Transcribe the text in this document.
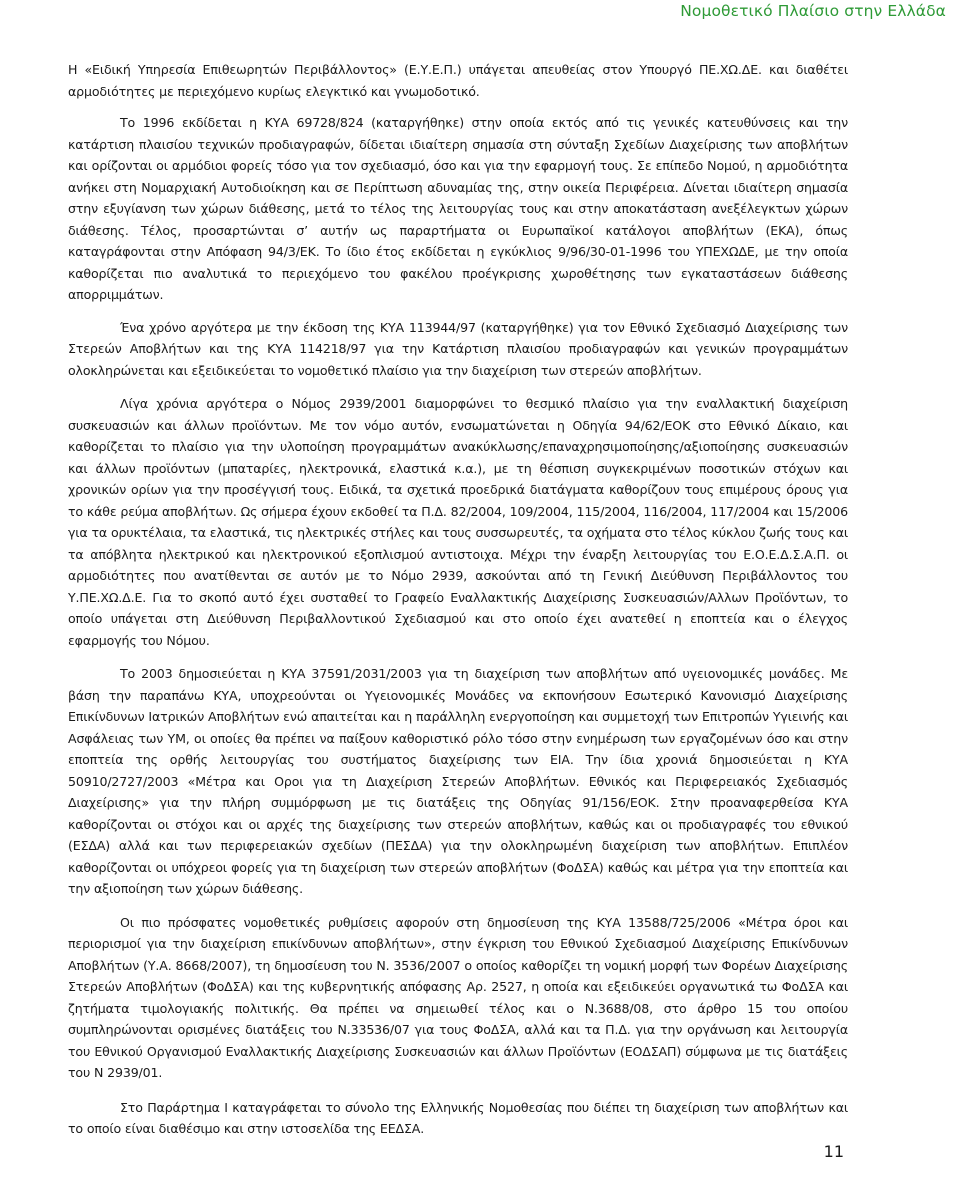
Νομοθετικό Πλαίσιο στην Ελλάδα

Η «Ειδική Υπηρεσία Επιθεωρητών Περιβάλλοντος» (Ε.Υ.Ε.Π.) υπάγεται απευθείας στον Υπουργό ΠΕ.ΧΩ.ΔΕ. και διαθέτει αρμοδιότητες με περιεχόμενο κυρίως ελεγκτικό και γνωμοδοτικό.

Το 1996 εκδίδεται η ΚΥΑ 69728/824 (καταργήθηκε) στην οποία εκτός από τις γενικές κατευθύνσεις και την κατάρτιση πλαισίου τεχνικών προδιαγραφών, δίδεται ιδιαίτερη σημασία στη σύνταξη Σχεδίων Διαχείρισης των αποβλήτων και ορίζονται οι αρμόδιοι φορείς τόσο για τον σχεδιασμό, όσο και για την εφαρμογή τους. Σε επίπεδο Νομού, η αρμοδιότητα ανήκει στη Νομαρχιακή Αυτοδιοίκηση και σε Περίπτωση αδυναμίας της, στην οικεία Περιφέρεια. Δίνεται ιδιαίτερη σημασία στην εξυγίανση των χώρων διάθεσης, μετά το τέλος της λειτουργίας τους και στην αποκατάσταση ανεξέλεγκτων χώρων διάθεσης. Τέλος, προσαρτώνται σ’ αυτήν ως παραρτήματα οι Ευρωπαϊκοί κατάλογοι αποβλήτων (ΕΚΑ), όπως καταγράφονται στην Απόφαση 94/3/ΕΚ. Το ίδιο έτος εκδίδεται η εγκύκλιος 9/96/30-01-1996 του ΥΠΕΧΩΔΕ, με την οποία καθορίζεται πιο αναλυτικά το περιεχόμενο του φακέλου προέγκρισης χωροθέτησης των εγκαταστάσεων διάθεσης απορριμμάτων.

Ένα χρόνο αργότερα με την έκδοση της ΚΥΑ 113944/97 (καταργήθηκε) για τον Εθνικό Σχεδιασμό Διαχείρισης των Στερεών Αποβλήτων και της ΚΥΑ 114218/97 για την Κατάρτιση πλαισίου προδιαγραφών και γενικών προγραμμάτων ολοκληρώνεται και εξειδικεύεται το νομοθετικό πλαίσιο για την διαχείριση των στερεών αποβλήτων.

Λίγα χρόνια αργότερα ο Νόμος 2939/2001 διαμορφώνει το θεσμικό πλαίσιο για την εναλλακτική διαχείριση συσκευασιών και άλλων προϊόντων. Με τον νόμο αυτόν, ενσωματώνεται η Οδηγία 94/62/ΕΟΚ στο Εθνικό Δίκαιο, και καθορίζεται το πλαίσιο για την υλοποίηση προγραμμάτων ανακύκλωσης/επαναχρησιμοποίησης/αξιοποίησης συσκευασιών και άλλων προϊόντων (μπαταρίες, ηλεκτρονικά, ελαστικά κ.α.), με τη θέσπιση συγκεκριμένων ποσοτικών στόχων και χρονικών ορίων για την προσέγγισή τους. Ειδικά, τα σχετικά προεδρικά διατάγματα καθορίζουν τους επιμέρους όρους για το κάθε ρεύμα αποβλήτων. Ως σήμερα έχουν εκδοθεί τα Π.Δ. 82/2004, 109/2004, 115/2004, 116/2004, 117/2004 και 15/2006 για τα ορυκτέλαια, τα ελαστικά, τις ηλεκτρικές στήλες και τους συσσωρευτές, τα οχήματα στο τέλος κύκλου ζωής τους και τα απόβλητα ηλεκτρικού και ηλεκτρονικού εξοπλισμού αντιστοιχα. Μέχρι την έναρξη λειτουργίας του Ε.Ο.Ε.Δ.Σ.Α.Π. οι αρμοδιότητες που ανατίθενται σε αυτόν με το Νόμο 2939, ασκούνται από τη Γενική Διεύθυνση Περιβάλλοντος του Υ.ΠΕ.ΧΩ.Δ.Ε. Για το σκοπό αυτό έχει συσταθεί το Γραφείο Εναλλακτικής Διαχείρισης Συσκευασιών/Αλλων Προϊόντων, το οποίο υπάγεται στη Διεύθυνση Περιβαλλοντικού Σχεδιασμού και στο οποίο έχει ανατεθεί η εποπτεία και ο έλεγχος εφαρμογής του Νόμου.

Το 2003 δημοσιεύεται η ΚΥΑ 37591/2031/2003 για τη διαχείριση των αποβλήτων από υγειονομικές μονάδες. Με βάση την παραπάνω ΚΥΑ, υποχρεούνται οι Υγειονομικές Μονάδες να εκπονήσουν Εσωτερικό Κανονισμό Διαχείρισης Επικίνδυνων Ιατρικών Αποβλήτων ενώ απαιτείται και η παράλληλη ενεργοποίηση και συμμετοχή των Επιτροπών Υγιεινής και Ασφάλειας των ΥΜ, οι οποίες θα πρέπει να παίξουν καθοριστικό ρόλο τόσο στην ενημέρωση των εργαζομένων όσο και στην εποπτεία της ορθής λειτουργίας του συστήματος διαχείρισης των ΕΙΑ. Την ίδια χρονιά δημοσιεύεται η ΚΥΑ 50910/2727/2003 «Μέτρα και Οροι για τη Διαχείριση Στερεών Αποβλήτων. Εθνικός και Περιφερειακός Σχεδιασμός Διαχείρισης» για την πλήρη συμμόρφωση με τις διατάξεις της Οδηγίας 91/156/ΕΟΚ. Στην προαναφερθείσα ΚΥΑ καθορίζονται οι στόχοι και οι αρχές της διαχείρισης των στερεών αποβλήτων, καθώς και οι προδιαγραφές του εθνικού (ΕΣΔΑ) αλλά και των περιφερειακών σχεδίων (ΠΕΣΔΑ) για την ολοκληρωμένη διαχείριση των αποβλήτων. Επιπλέον καθορίζονται οι υπόχρεοι φορείς για τη διαχείριση των στερεών αποβλήτων (ΦοΔΣΑ) καθώς και μέτρα για την εποπτεία και την αξιοποίηση των χώρων διάθεσης.

Οι πιο πρόσφατες νομοθετικές ρυθμίσεις αφορούν στη δημοσίευση της ΚΥΑ 13588/725/2006 «Μέτρα όροι και περιορισμοί για την διαχείριση επικίνδυνων αποβλήτων», στην έγκριση του Εθνικού Σχεδιασμού Διαχείρισης Επικίνδυνων Αποβλήτων (Υ.Α. 8668/2007), τη δημοσίευση του Ν. 3536/2007 ο οποίος καθορίζει τη νομική μορφή των Φορέων Διαχείρισης Στερεών Αποβλήτων (ΦοΔΣΑ) και της κυβερνητικής απόφασης Αρ. 2527, η οποία και εξειδικεύει οργανωτικά τω ΦοΔΣΑ και ζητήματα τιμολογιακής πολιτικής. Θα πρέπει να σημειωθεί τέλος και ο Ν.3688/08, στο άρθρο 15 του οποίου συμπληρώνονται ορισμένες διατάξεις του Ν.33536/07 για τους ΦοΔΣΑ, αλλά και τα Π.Δ. για την οργάνωση και λειτουργία του Εθνικού Οργανισμού Εναλλακτικής Διαχείρισης Συσκευασιών και άλλων Προϊόντων (ΕΟΔΣΑΠ) σύμφωνα με τις διατάξεις του Ν 2939/01.

Στο Παράρτημα Ι καταγράφεται το σύνολο της Ελληνικής Νομοθεσίας που διέπει τη διαχείριση των αποβλήτων και το οποίο είναι διαθέσιμο και στην ιστοσελίδα της ΕΕΔΣΑ.

11
